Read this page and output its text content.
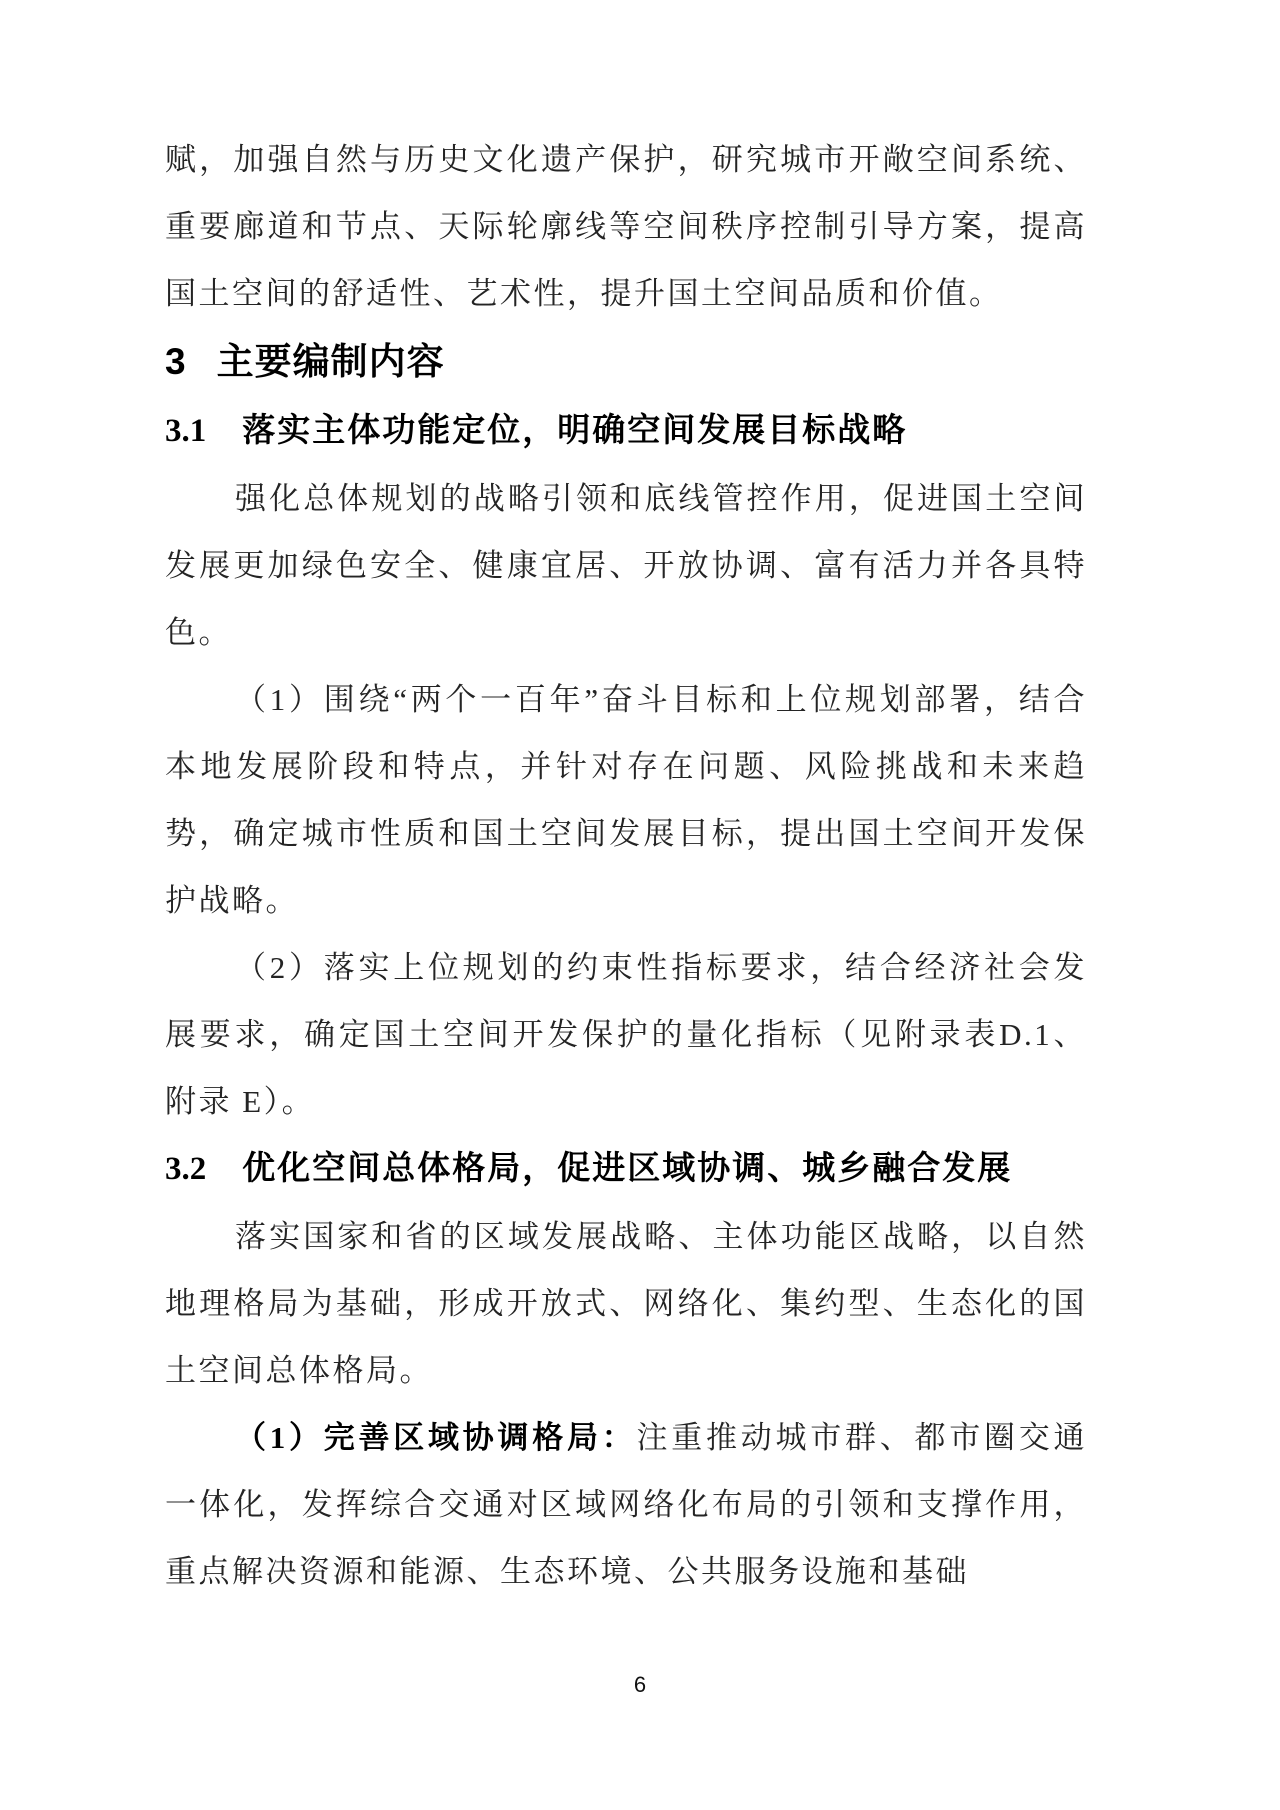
赋，加强自然与历史文化遗产保护，研究城市开敞空间系统、重要廊道和节点、天际轮廓线等空间秩序控制引导方案，提高国土空间的舒适性、艺术性，提升国土空间品质和价值。

3 主要编制内容
3.1 落实主体功能定位，明确空间发展目标战略

强化总体规划的战略引领和底线管控作用，促进国土空间发展更加绿色安全、健康宜居、开放协调、富有活力并各具特色。

（1）围绕“两个一百年”奋斗目标和上位规划部署，结合本地发展阶段和特点，并针对存在问题、风险挑战和未来趋势，确定城市性质和国土空间发展目标，提出国土空间开发保护战略。

（2）落实上位规划的约束性指标要求，结合经济社会发展要求，确定国土空间开发保护的量化指标（见附录表D.1、附录 E）。

3.2 优化空间总体格局，促进区域协调、城乡融合发展

落实国家和省的区域发展战略、主体功能区战略，以自然地理格局为基础，形成开放式、网络化、集约型、生态化的国土空间总体格局。

（1）完善区域协调格局：注重推动城市群、都市圈交通一体化，发挥综合交通对区域网络化布局的引领和支撑作用，重点解决资源和能源、生态环境、公共服务设施和基础

6
